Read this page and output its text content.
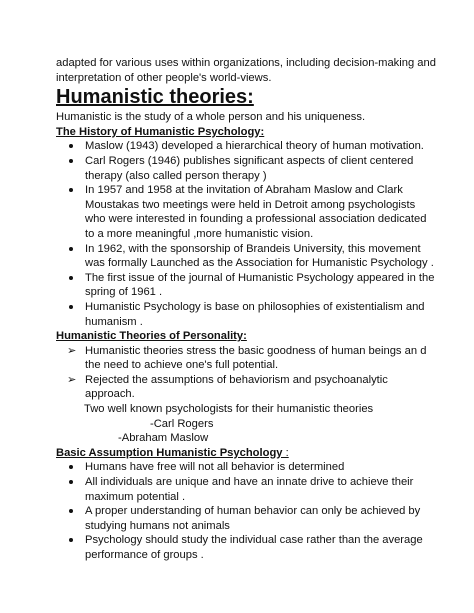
adapted for various uses within organizations, including decision-making and interpretation of other people's world-views.

Humanistic theories:

Humanistic is the study of a whole person and his uniqueness.

The History of Humanistic Psychology:

Maslow (1943) developed a hierarchical theory of human motivation.
Carl Rogers (1946) publishes significant aspects of client centered therapy (also called person therapy )
In 1957 and 1958 at the invitation of Abraham Maslow and Clark Moustakas two meetings were held in Detroit among psychologists who were interested in founding a professional association dedicated to a more meaningful ,more humanistic vision.
In 1962, with the sponsorship of Brandeis University, this movement was formally Launched as the Association for Humanistic Psychology .
The first issue of the journal of Humanistic Psychology appeared in the spring of 1961 .
Humanistic Psychology is base on philosophies of existentialism and humanism .

Humanistic Theories of Personality:

➢ Humanistic theories stress the basic goodness of human beings an d the need to achieve one's full potential.
➢ Rejected the assumptions of behaviorism and psychoanalytic approach.

Two well known psychologists for their humanistic theories

-Carl Rogers

-Abraham Maslow

Basic Assumption Humanistic Psychology :

Humans have free will not all behavior is determined
All individuals are unique and have an innate drive to achieve their maximum potential .
A proper understanding of human behavior can only be achieved by studying humans not animals
Psychology should study the individual case rather than the average performance of groups .
